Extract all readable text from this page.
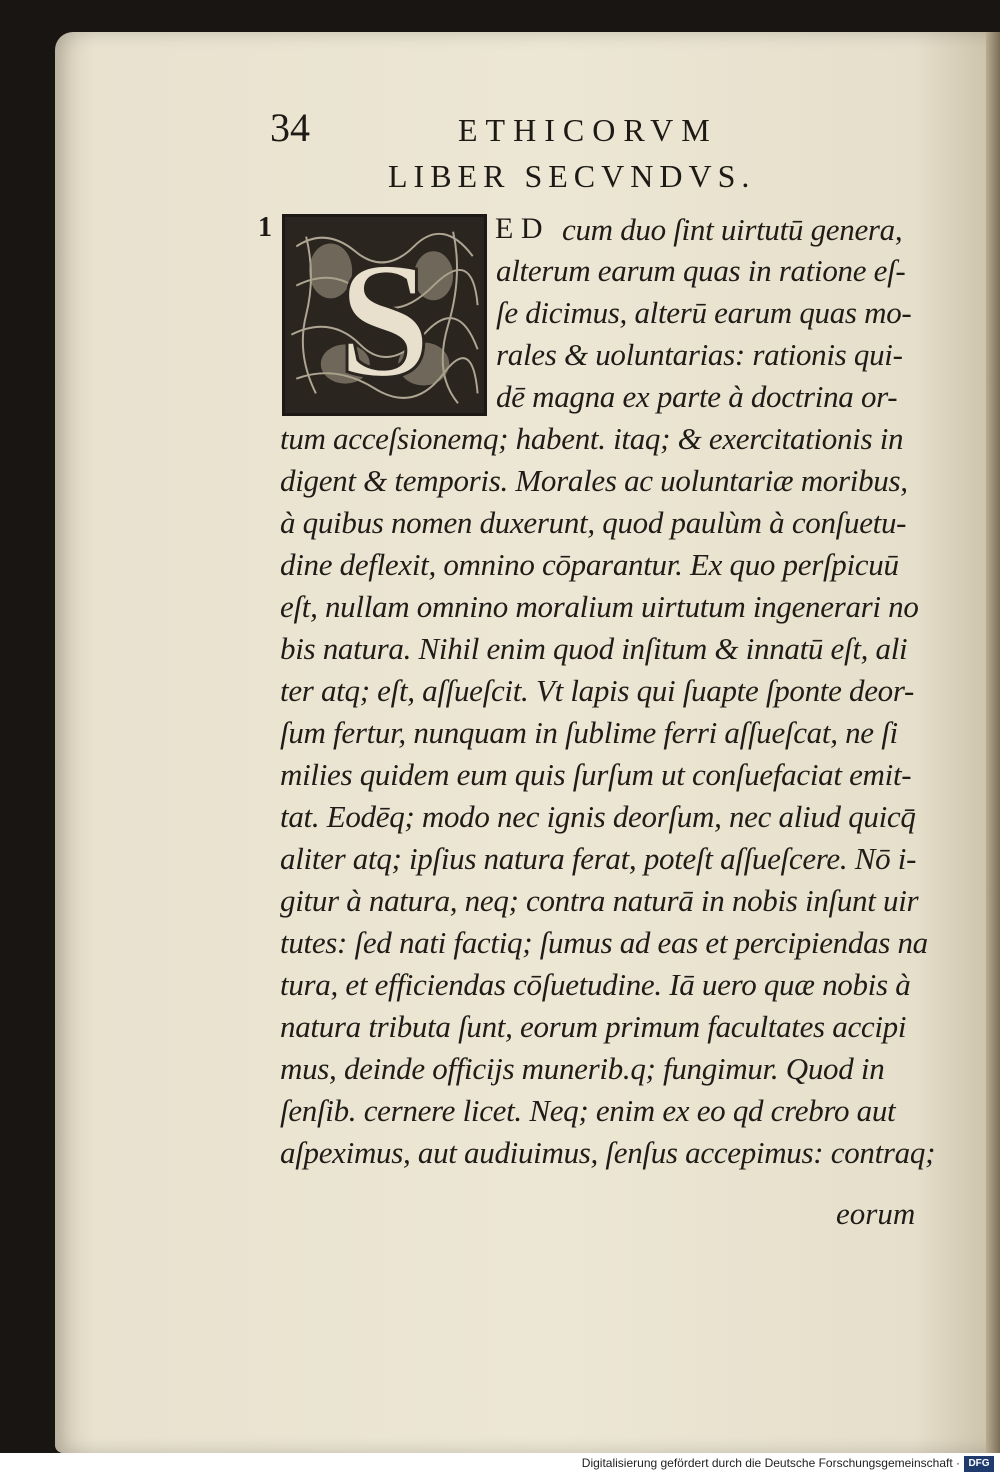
34	ETHICORVM
LIBER SECVNDVS.
1
S
E D cum duo ſint uirtutū genera,
alterum earum quas in ratione eſ-
ſe dicimus, alterū earum quas mo-
rales & uoluntarias: rationis qui-
dē magna ex parte à doctrina or-
tum acceſsionemq; habent. itaq; & exercitationis in
digent & temporis. Morales ac uoluntariæ moribus,
à quibus nomen duxerunt, quod paulùm à conſuetu-
dine deflexit, omnino cōparantur. Ex quo perſpicuū
eſt, nullam omnino moralium uirtutum ingenerari no
bis natura. Nihil enim quod inſitum & innatū eſt, ali
ter atq; eſt, aſſueſcit. Vt lapis qui ſuapte ſponte deor-
ſum fertur, nunquam in ſublime ferri aſſueſcat, ne ſi
milies quidem eum quis ſurſum ut conſuefaciat emit-
tat. Eodēq; modo nec ignis deorſum, nec aliud quicq̄
aliter atq; ipſius natura ferat, poteſt aſſueſcere. Nō i-
gitur à natura, neq; contra naturā in nobis inſunt uir
tutes: ſed nati factiq; ſumus ad eas et percipiendas na
tura, et efficiendas cōſuetudine. Iā uero quæ nobis à
natura tributa ſunt, eorum primum facultates accipi
mus, deinde officijs munerib.q; fungimur. Quod in
ſenſib. cernere licet. Neq; enim ex eo qd crebro aut
aſpeximus, aut audiuimus, ſenſus accepimus: contraq;
eorum
Digitalisierung gefördert durch die Deutsche Forschungsgemeinschaft · DFG
